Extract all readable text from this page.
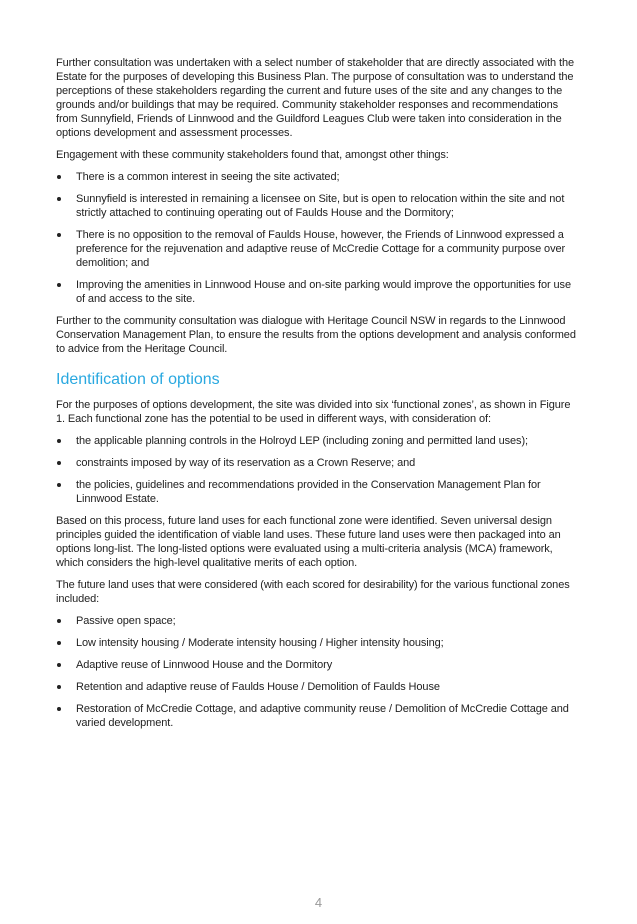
Further consultation was undertaken with a select number of stakeholder that are directly associated with the Estate for the purposes of developing this Business Plan. The purpose of consultation was to understand the perceptions of these stakeholders regarding the current and future uses of the site and any changes to the grounds and/or buildings that may be required. Community stakeholder responses and recommendations from Sunnyfield, Friends of Linnwood and the Guildford Leagues Club were taken into consideration in the options development and assessment processes.

Engagement with these community stakeholders found that, amongst other things:

There is a common interest in seeing the site activated;
Sunnyfield is interested in remaining a licensee on Site, but is open to relocation within the site and not strictly attached to continuing operating out of Faulds House and the Dormitory;
There is no opposition to the removal of Faulds House, however, the Friends of Linnwood expressed a preference for the rejuvenation and adaptive reuse of McCredie Cottage for a community purpose over demolition; and
Improving the amenities in Linnwood House and on-site parking would improve the opportunities for use of and access to the site.

Further to the community consultation was dialogue with Heritage Council NSW in regards to the Linnwood Conservation Management Plan, to ensure the results from the options development and analysis conformed to advice from the Heritage Council.

Identification of options

For the purposes of options development, the site was divided into six ‘functional zones’, as shown in Figure 1. Each functional zone has the potential to be used in different ways, with consideration of:

the applicable planning controls in the Holroyd LEP (including zoning and permitted land uses);
constraints imposed by way of its reservation as a Crown Reserve; and
the policies, guidelines and recommendations provided in the Conservation Management Plan for Linnwood Estate.

Based on this process, future land uses for each functional zone were identified. Seven universal design principles guided the identification of viable land uses. These future land uses were then packaged into an options long-list. The long-listed options were evaluated using a multi-criteria analysis (MCA) framework, which considers the high-level qualitative merits of each option.

The future land uses that were considered (with each scored for desirability) for the various functional zones included:

Passive open space;
Low intensity housing / Moderate intensity housing / Higher intensity housing;
Adaptive reuse of Linnwood House and the Dormitory
Retention and adaptive reuse of Faulds House / Demolition of Faulds House
Restoration of McCredie Cottage, and adaptive community reuse / Demolition of McCredie Cottage and varied development.
4
